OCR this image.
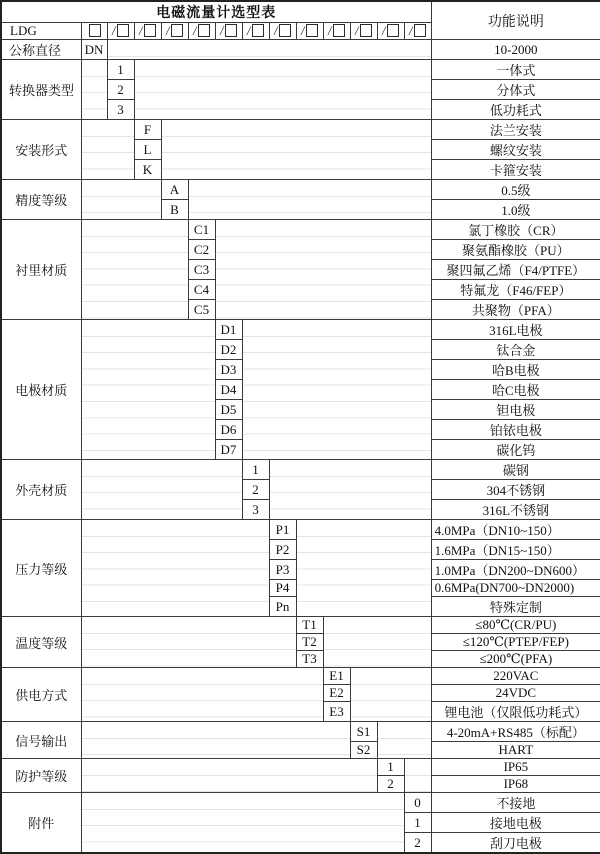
电磁流量计选型表														功能说明
LDG		/	/	/	/	/	/	/	/	/	/	/	/	
公称直径	DN													10-2000
转换器类型		1												一体式
		2												分体式
		3												低功耗式
安装形式			F											法兰安装
			L											螺纹安装
			K											卡箍安装
精度等级				A										0.5级
				B										1.0级
衬里材质					C1									氯丁橡胶（CR）
					C2									聚氨酯橡胶（PU）
					C3									聚四氟乙烯（F4/PTFE）
					C4									特氟龙（F46/FEP）
					C5									共聚物（PFA）
电极材质						D1								316L电极
						D2								钛合金
						D3								哈B电极
						D4								哈C电极
						D5								钽电极
						D6								铂铱电极
						D7								碳化钨
外壳材质							1							碳钢
							2							304不锈钢
							3							316L不锈钢
压力等级								P1						4.0MPa（DN10~150）
								P2						1.6MPa（DN15~150）
								P3						1.0MPa（DN200~DN600）
								P4						0.6MPa(DN700~DN2000)
								Pn						特殊定制
温度等级									T1					≤80℃(CR/PU)
									T2					≤120℃(PTEP/FEP)
									T3					≤200℃(PFA)
供电方式										E1				220VAC
										E2				24VDC
										E3				锂电池（仅限低功耗式）
信号输出											S1			4-20mA+RS485（标配）
											S2			HART
防护等级												1		IP65
												2		IP68
附件													0	不接地
													1	接地电极
													2	刮刀电极
